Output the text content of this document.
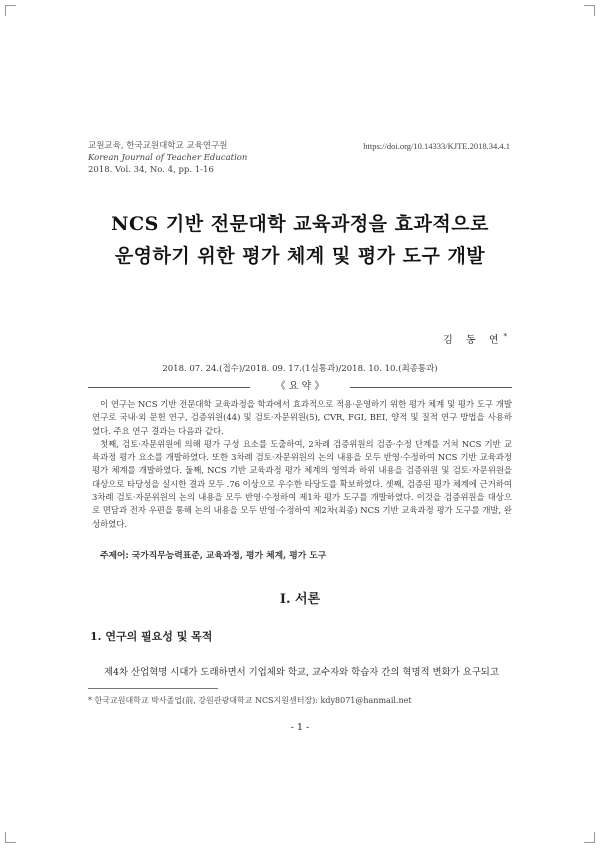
교원교육, 한국교원대학교 교육연구원
Korean Journal of Teacher Education
2018. Vol. 34, No. 4, pp. 1-16
https://doi.org/10.14333/KJTE.2018.34.4.1
NCS 기반 전문대학 교육과정을 효과적으로
운영하기 위한 평가 체계 및 평가 도구 개발
김 동 연*
2018. 07. 24.(접수)/2018. 09. 17.(1심통과)/2018. 10. 10.(최종통과)
《 요 약 》

이 연구는 NCS 기반 전문대학 교육과정을 학과에서 효과적으로 적용·운영하기 위한 평가 체계 및 평가 도구 개발 연구로 국내·외 문헌 연구, 검증위원(44) 및 검토·자문위원(5), CVR, FGI, BEI, 양적 및 질적 연구 방법을 사용하였다. 주요 연구 결과는 다음과 같다.

첫째, 검토·자문위원에 의해 평가 구성 요소를 도출하여, 2차례 검증위원의 검증·수정 단계를 거쳐 NCS 기반 교육과정 평가 요소를 개발하였다. 또한 3차례 검토·자문위원의 논의 내용을 모두 반영·수정하여 NCS 기반 교육과정 평가 체계를 개발하였다. 둘째, NCS 기반 교육과정 평가 체계의 영역과 하위 내용을 검증위원 및 검토·자문위원을 대상으로 타당성을 실시한 결과 모두 .76 이상으로 우수한 타당도를 확보하였다. 셋째, 검증된 평가 체계에 근거하여 3차례 검토·자문위원의 논의 내용을 모두 반영·수정하여 제1차 평가 도구를 개발하였다. 이것을 검증위원을 대상으로 면담과 전자 우편을 통해 논의 내용을 모두 반영·수정하여 제2차(최종) NCS 기반 교육과정 평가 도구를 개발, 완성하였다.

주제어: 국가직무능력표준, 교육과정, 평가 체계, 평가 도구
Ⅰ. 서론
1. 연구의 필요성 및 목적
제4차 산업혁명 시대가 도래하면서 기업체와 학교, 교수자와 학습자 간의 혁명적 변화가 요구되고
* 한국교원대학교 박사졸업(前, 강원관광대학교 NCS지원센터장): kdy8071@hanmail.net
- 1 -
